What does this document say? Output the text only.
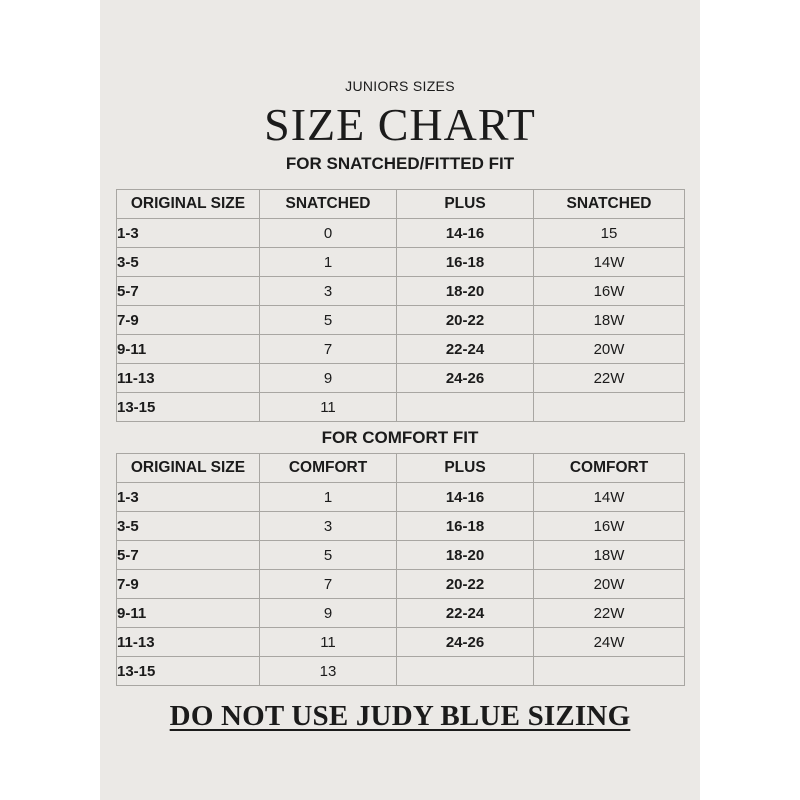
JUNIORS SIZES
SIZE CHART
FOR SNATCHED/FITTED FIT
ORIGINAL SIZE	SNATCHED	PLUS	SNATCHED
1-3	0	14-16	15
3-5	1	16-18	14W
5-7	3	18-20	16W
7-9	5	20-22	18W
9-11	7	22-24	20W
11-13	9	24-26	22W
13-15	11		
FOR COMFORT FIT
ORIGINAL SIZE	COMFORT	PLUS	COMFORT
1-3	1	14-16	14W
3-5	3	16-18	16W
5-7	5	18-20	18W
7-9	7	20-22	20W
9-11	9	22-24	22W
11-13	11	24-26	24W
13-15	13		
DO NOT USE JUDY BLUE SIZING
